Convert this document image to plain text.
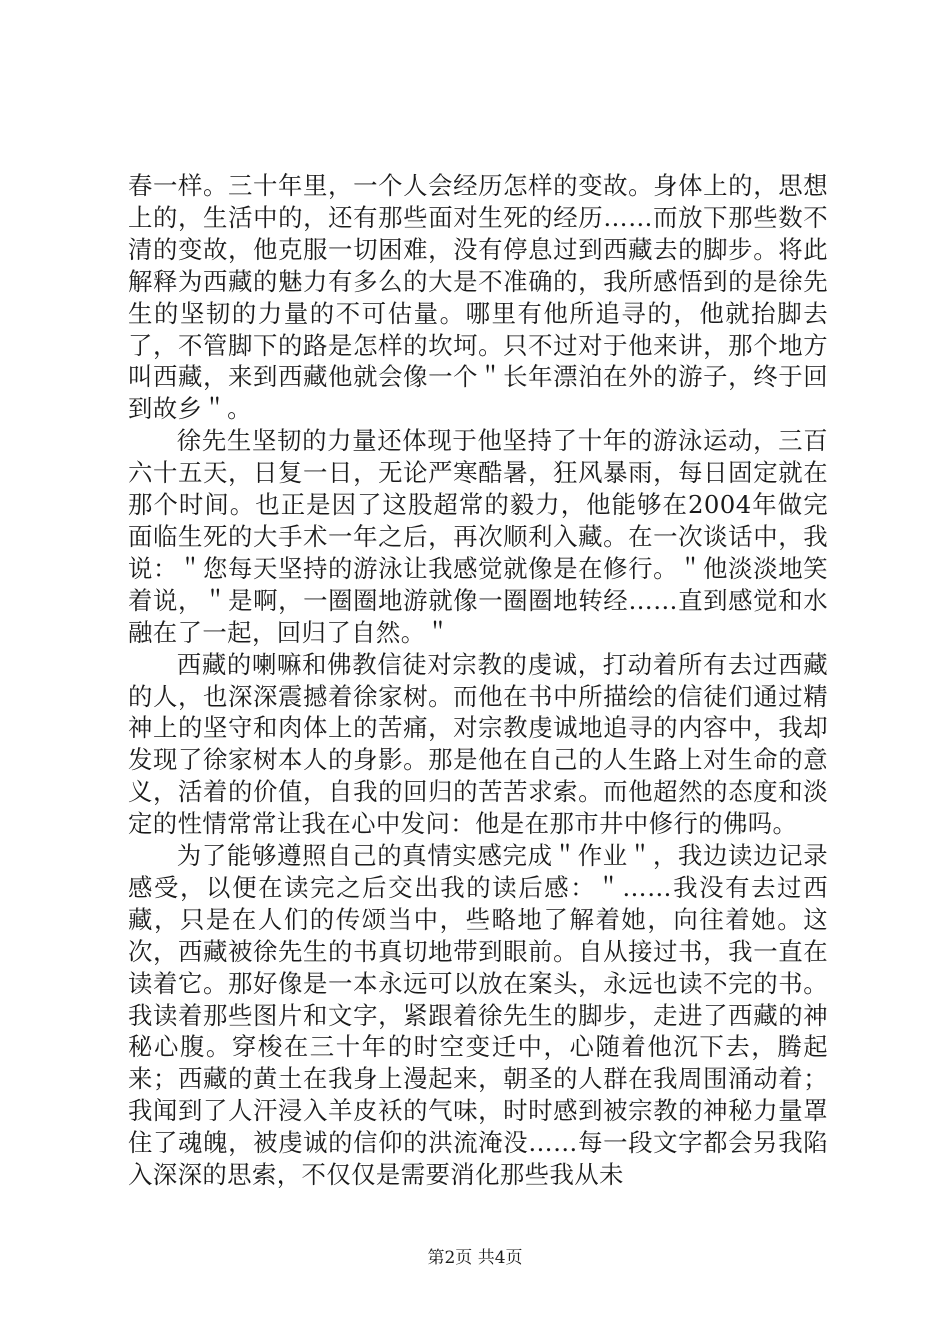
春一样。三十年里，一个人会经历怎样的变故。身体上的，思想上的，生活中的，还有那些面对生死的经历……而放下那些数不清的变故，他克服一切困难，没有停息过到西藏去的脚步。将此解释为西藏的魅力有多么的大是不准确的，我所感悟到的是徐先生的坚韧的力量的不可估量。哪里有他所追寻的，他就抬脚去了，不管脚下的路是怎样的坎坷。只不过对于他来讲，那个地方叫西藏，来到西藏他就会像一个＂长年漂泊在外的游子，终于回到故乡＂。

徐先生坚韧的力量还体现于他坚持了十年的游泳运动，三百六十五天，日复一日，无论严寒酷暑，狂风暴雨，每日固定就在那个时间。也正是因了这股超常的毅力，他能够在2004年做完面临生死的大手术一年之后，再次顺利入藏。在一次谈话中，我说：＂您每天坚持的游泳让我感觉就像是在修行。＂他淡淡地笑着说，＂是啊，一圈圈地游就像一圈圈地转经……直到感觉和水融在了一起，回归了自然。＂

西藏的喇嘛和佛教信徒对宗教的虔诚，打动着所有去过西藏的人，也深深震撼着徐家树。而他在书中所描绘的信徒们通过精神上的坚守和肉体上的苦痛，对宗教虔诚地追寻的内容中，我却发现了徐家树本人的身影。那是他在自己的人生路上对生命的意义，活着的价值，自我的回归的苦苦求索。而他超然的态度和淡定的性情常常让我在心中发问：他是在那市井中修行的佛吗。

为了能够遵照自己的真情实感完成＂作业＂，我边读边记录感受，以便在读完之后交出我的读后感：＂……我没有去过西藏，只是在人们的传颂当中，些略地了解着她，向往着她。这次，西藏被徐先生的书真切地带到眼前。自从接过书，我一直在读着它。那好像是一本永远可以放在案头，永远也读不完的书。我读着那些图片和文字，紧跟着徐先生的脚步，走进了西藏的神秘心腹。穿梭在三十年的时空变迁中，心随着他沉下去，腾起来；西藏的黄土在我身上漫起来，朝圣的人群在我周围涌动着；我闻到了人汗浸入羊皮袄的气味，时时感到被宗教的神秘力量罩住了魂魄，被虔诚的信仰的洪流淹没……每一段文字都会另我陷入深深的思索，不仅仅是需要消化那些我从未

第2页 共4页
